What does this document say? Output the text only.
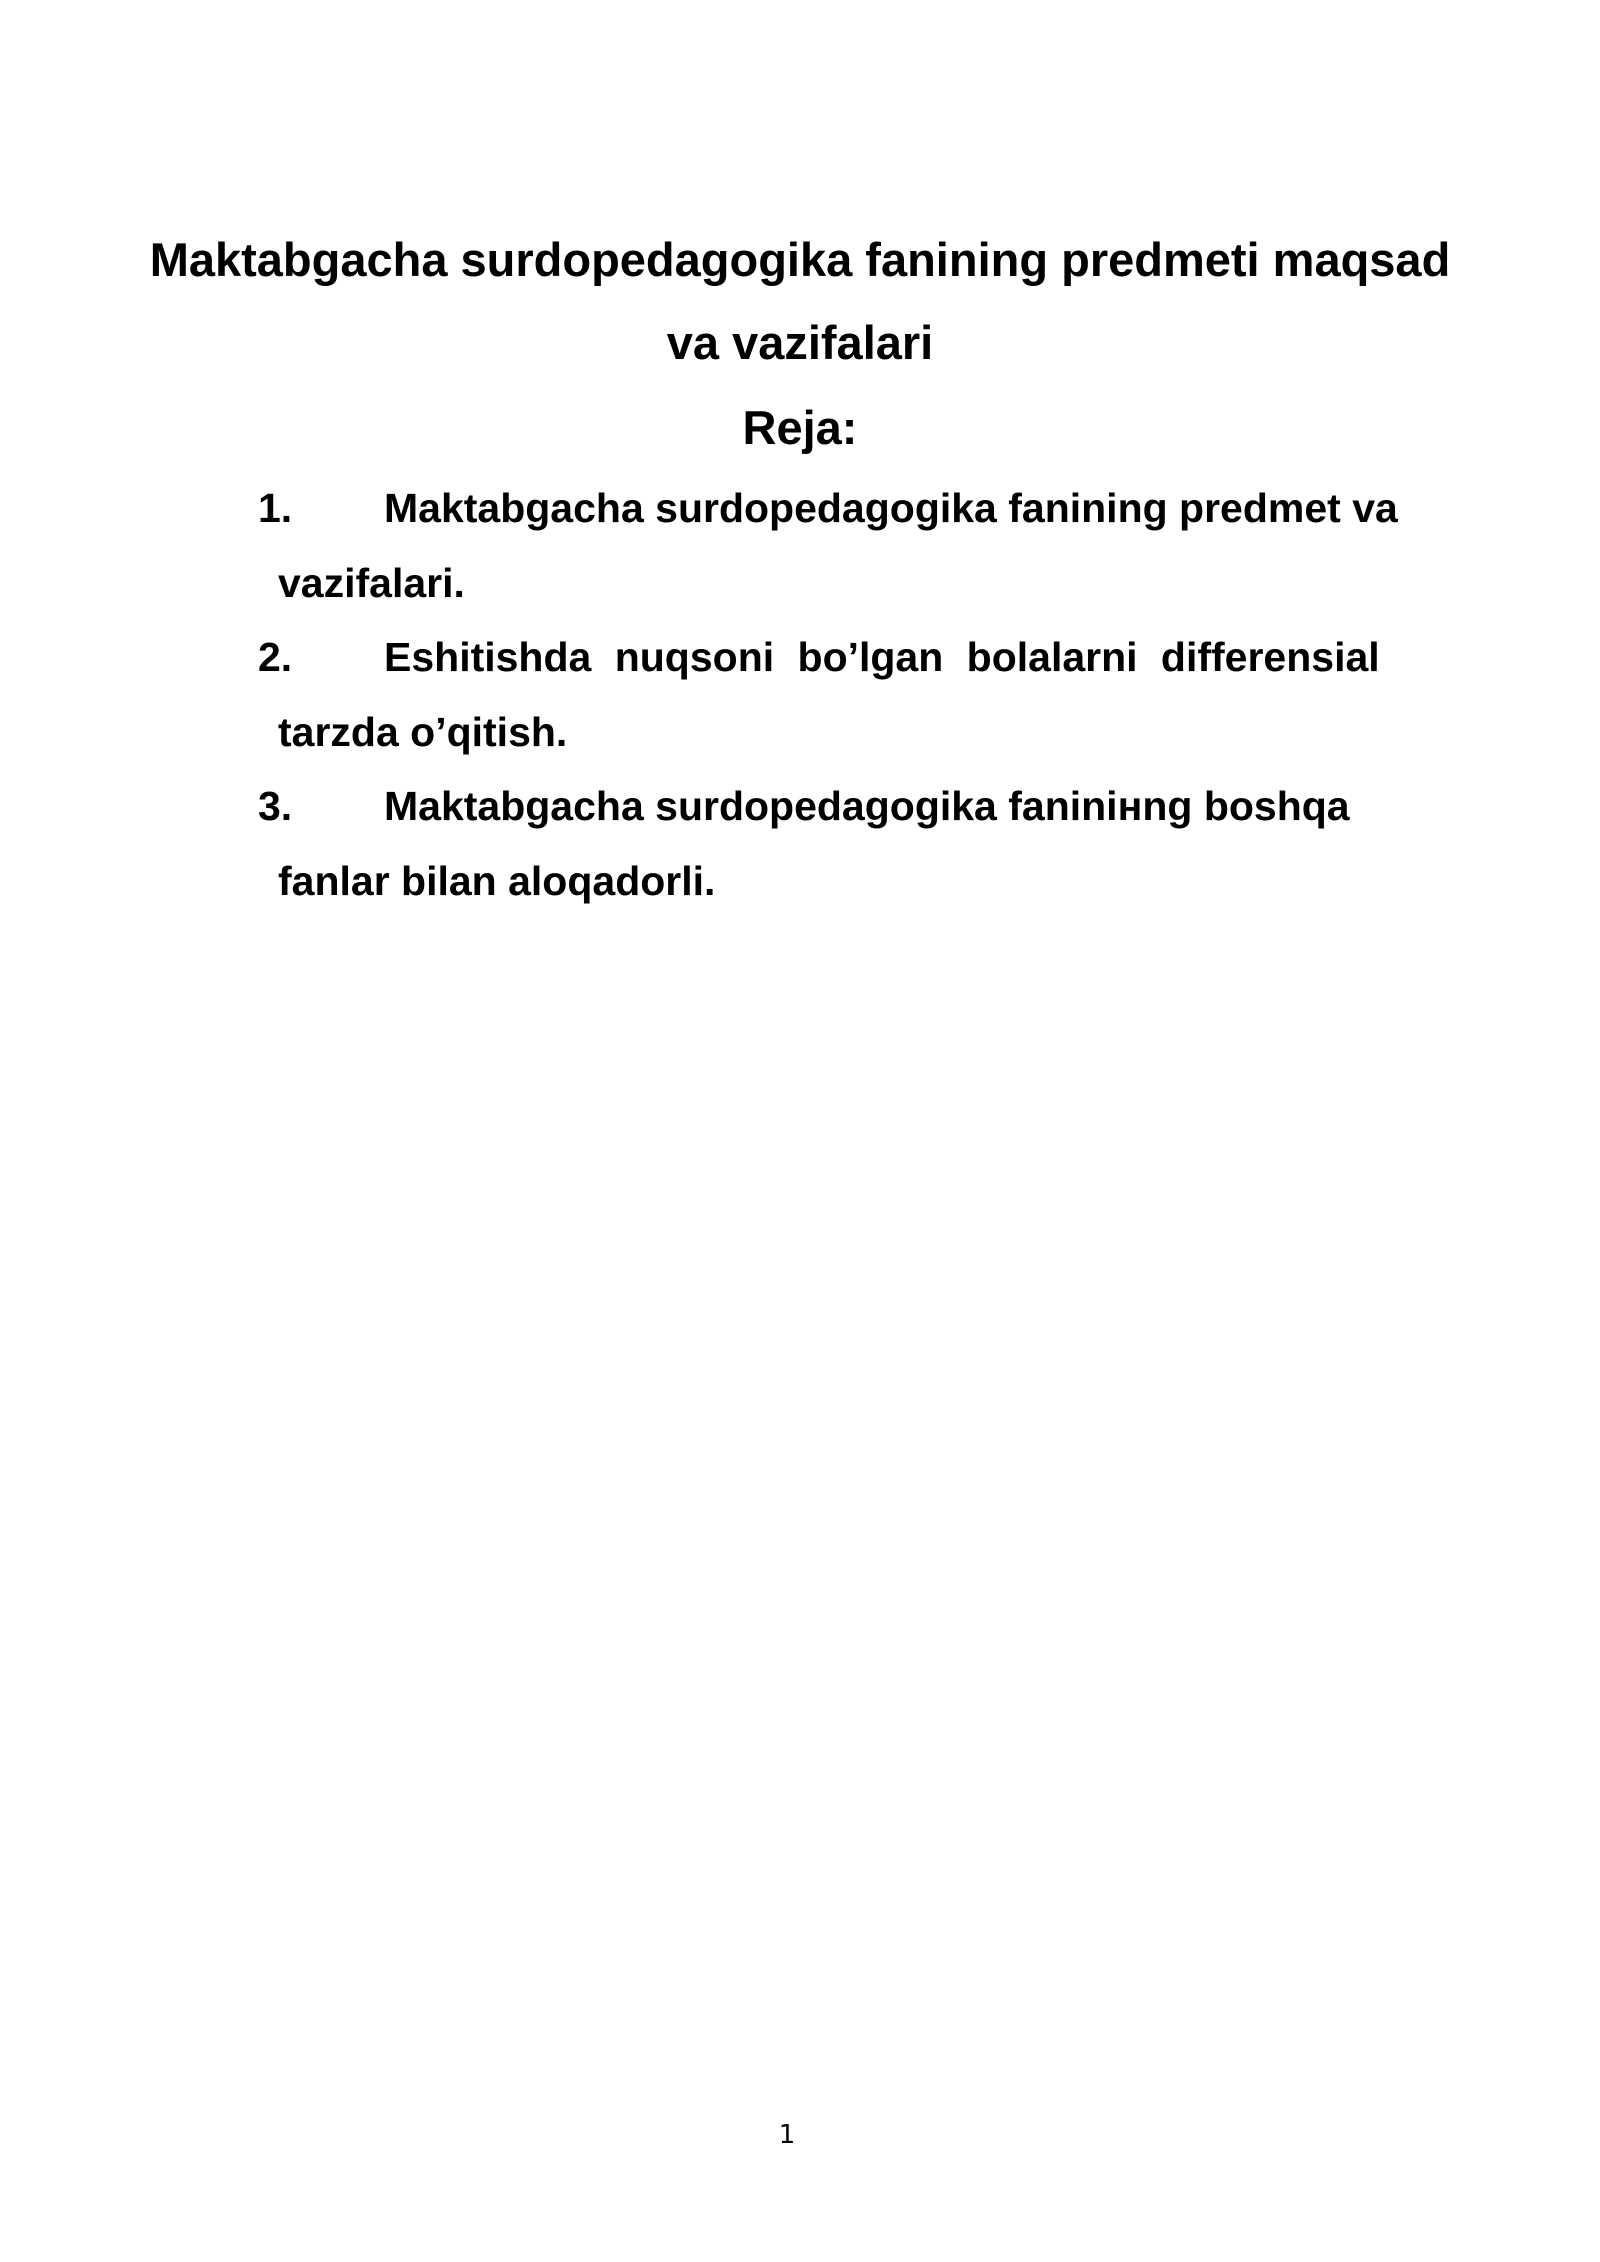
Maktabgacha surdopedagogika fanining predmeti maqsad
va vazifalari
Reja:
1. Maktabgacha surdopedagogika fanining predmet va
vazifalari.
2. Eshitishda nuqsoni bo’lgan bolalarni differensial
tarzda o’qitish.
3. Maktabgacha surdopedagogika faninінng boshqa
fanlar bilan aloqadorli.
1
